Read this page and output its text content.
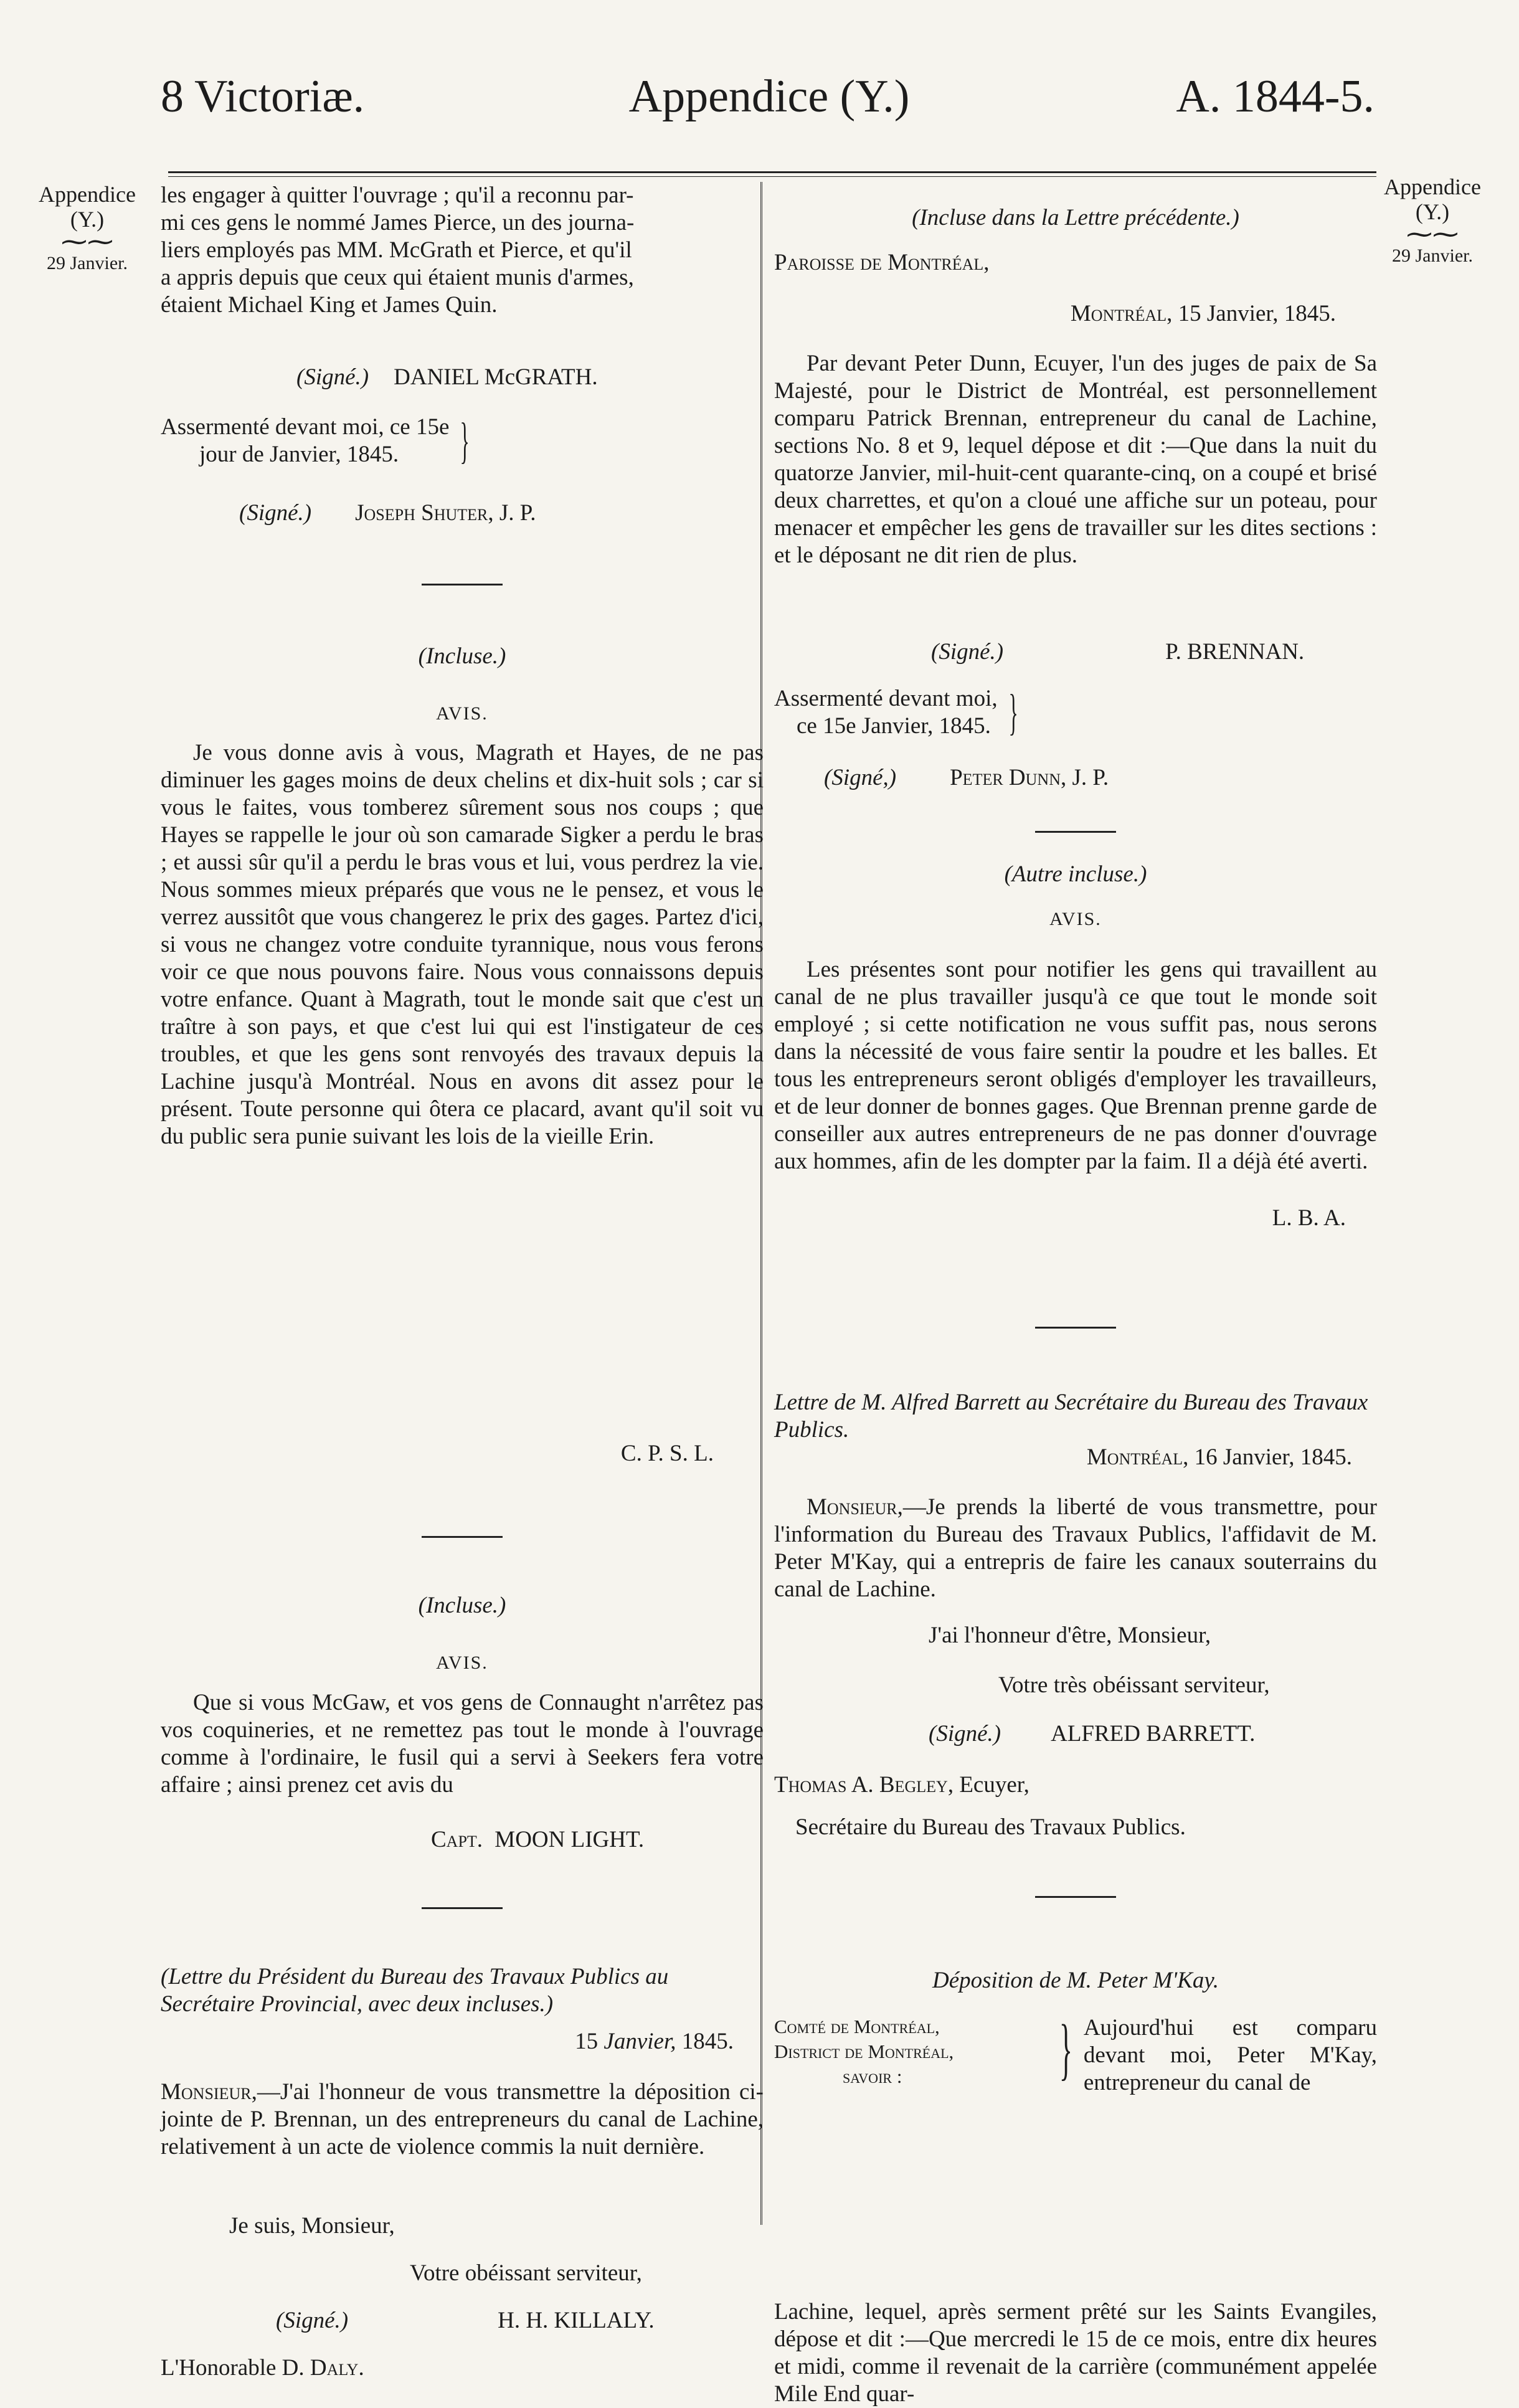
8 Victoriæ.	Appendice (Y.)	A. 1844-5.
Appendice
(Y.)
⁓⁓
29 Janvier.
Appendice
(Y.)
⁓⁓
29 Janvier.
les engager à quitter l'ouvrage ; qu'il a reconnu par-
mi ces gens le nommé James Pierce, un des journa-
liers employés pas MM. McGrath et Pierce, et qu'il
a appris depuis que ceux qui étaient munis d'armes,
étaient Michael King et James Quin.
(Signé.) DANIEL McGRATH.
Assermenté devant moi, ce 15e
jour de Janvier, 1845.	}
(Signé.) Joseph Shuter, J. P.
(Incluse.)
AVIS.
Je vous donne avis à vous, Magrath et Hayes, de ne pas diminuer les gages moins de deux chelins et dix-huit sols ; car si vous le faites, vous tomberez sûrement sous nos coups ; que Hayes se rappelle le jour où son camarade Sigker a perdu le bras ; et aussi sûr qu'il a perdu le bras vous et lui, vous perdrez la vie. Nous sommes mieux préparés que vous ne le pensez, et vous le verrez aussitôt que vous changerez le prix des gages. Partez d'ici, si vous ne changez votre conduite tyrannique, nous vous ferons voir ce que nous pouvons faire. Nous vous connaissons depuis votre enfance. Quant à Magrath, tout le monde sait que c'est un traître à son pays, et que c'est lui qui est l'instigateur de ces troubles, et que les gens sont renvoyés des travaux depuis la Lachine jusqu'à Montréal. Nous en avons dit assez pour le présent. Toute personne qui ôtera ce placard, avant qu'il soit vu du public sera punie suivant les lois de la vieille Erin.
C. P. S. L.
(Incluse.)
AVIS.
Que si vous McGaw, et vos gens de Connaught n'arrêtez pas vos coquineries, et ne remettez pas tout le monde à l'ouvrage comme à l'ordinaire, le fusil qui a servi à Seekers fera votre affaire ; ainsi prenez cet avis du
Capt. MOON LIGHT.
(Lettre du Président du Bureau des Travaux Publics au Secrétaire Provincial, avec deux incluses.)
15 Janvier, 1845.
Monsieur,—J'ai l'honneur de vous transmettre la déposition ci-jointe de P. Brennan, un des entrepreneurs du canal de Lachine, relativement à un acte de violence commis la nuit dernière.
Je suis, Monsieur,
Votre obéissant serviteur,
(Signé.)	H. H. KILLALY.
L'Honorable D. Daly.
(Incluse dans la Lettre précédente.)
Paroisse de Montréal,
Montréal, 15 Janvier, 1845.
Par devant Peter Dunn, Ecuyer, l'un des juges de paix de Sa Majesté, pour le District de Montréal, est personnellement comparu Patrick Brennan, entrepreneur du canal de Lachine, sections No. 8 et 9, lequel dépose et dit :—Que dans la nuit du quatorze Janvier, mil-huit-cent quarante-cinq, on a coupé et brisé deux charrettes, et qu'on a cloué une affiche sur un poteau, pour menacer et empêcher les gens de travailler sur les dites sections : et le déposant ne dit rien de plus.
(Signé.)	P. BRENNAN.
Assermenté devant moi,
ce 15e Janvier, 1845. }
(Signé,) Peter Dunn, J. P.
(Autre incluse.)
AVIS.
Les présentes sont pour notifier les gens qui travaillent au canal de ne plus travailler jusqu'à ce que tout le monde soit employé ; si cette notification ne vous suffit pas, nous serons dans la nécessité de vous faire sentir la poudre et les balles. Et tous les entrepreneurs seront obligés d'employer les travailleurs, et de leur donner de bonnes gages. Que Brennan prenne garde de conseiller aux autres entrepreneurs de ne pas donner d'ouvrage aux hommes, afin de les dompter par la faim. Il a déjà été averti.
L. B. A.
Lettre de M. Alfred Barrett au Secrétaire du Bureau des Travaux Publics.
Montréal, 16 Janvier, 1845.
Monsieur,—Je prends la liberté de vous transmettre, pour l'information du Bureau des Travaux Publics, l'affidavit de M. Peter M'Kay, qui a entrepris de faire les canaux souterrains du canal de Lachine.
J'ai l'honneur d'être, Monsieur,
Votre très obéissant serviteur,
(Signé.) ALFRED BARRETT.
Thomas A. Begley, Ecuyer,
Secrétaire du Bureau des Travaux Publics.
Déposition de M. Peter M'Kay.
Comté de Montréal,
District de Montréal,
savoir :	} Aujourd'hui est comparu devant moi, Peter M'Kay, entrepreneur du canal de
Lachine, lequel, après serment prêté sur les Saints Evangiles, dépose et dit :—Que mercredi le 15 de ce mois, entre dix heures et midi, comme il revenait de la carrière (communément appelée Mile End quar-
